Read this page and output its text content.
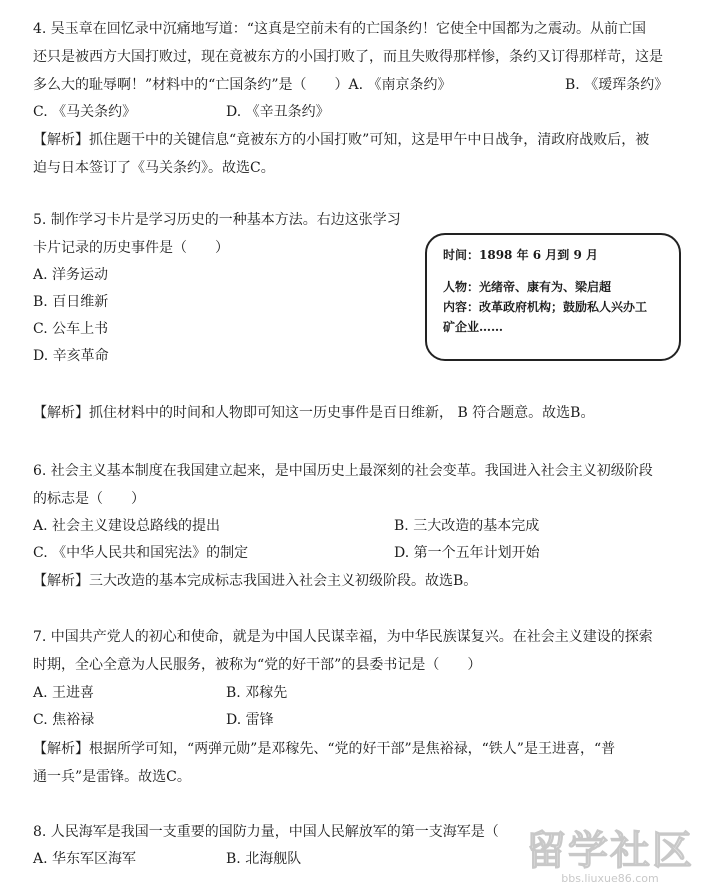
4. 吴玉章在回忆录中沉痛地写道：“这真是空前未有的亡国条约！它使全中国都为之震动。从前亡国
还只是被西方大国打败过，现在竟被东方的小国打败了，而且失败得那样惨，条约又订得那样苛，这是
多么大的耻辱啊！”材料中的“亡国条约”是（　　）A. 《南京条约》	B. 《瑷珲条约》
C. 《马关条约》	D. 《辛丑条约》
【解析】抓住题干中的关键信息“竟被东方的小国打败”可知，这是甲午中日战争，清政府战败后，被
迫与日本签订了《马关条约》。故选C。
5. 制作学习卡片是学习历史的一种基本方法。右边这张学习
卡片记录的历史事件是（　　）
A. 洋务运动
B. 百日维新
C. 公车上书
D. 辛亥革命
时间：1898 年 6 月到 9 月
人物：光绪帝、康有为、梁启超
内容：改革政府机构；鼓励私人兴办工
矿企业……
【解析】抓住材料中的时间和人物即可知这一历史事件是百日维新， B 符合题意。故选B。
6. 社会主义基本制度在我国建立起来，是中国历史上最深刻的社会变革。我国进入社会主义初级阶段
的标志是（　　）
A. 社会主义建设总路线的提出	B. 三大改造的基本完成
C. 《中华人民共和国宪法》的制定	D. 第一个五年计划开始
【解析】三大改造的基本完成标志我国进入社会主义初级阶段。故选B。
7. 中国共产党人的初心和使命，就是为中国人民谋幸福，为中华民族谋复兴。在社会主义建设的探索
时期，全心全意为人民服务，被称为“党的好干部”的县委书记是（　　）
A. 王进喜	B. 邓稼先
C. 焦裕禄	D. 雷锋
【解析】根据所学可知，“两弹元勋”是邓稼先、“党的好干部”是焦裕禄，“铁人”是王进喜，“普
通一兵”是雷锋。故选C。
8. 人民海军是我国一支重要的国防力量，中国人民解放军的第一支海军是（
A. 华东军区海军	B. 北海舰队	留学社区
bbs.liuxue86.com
